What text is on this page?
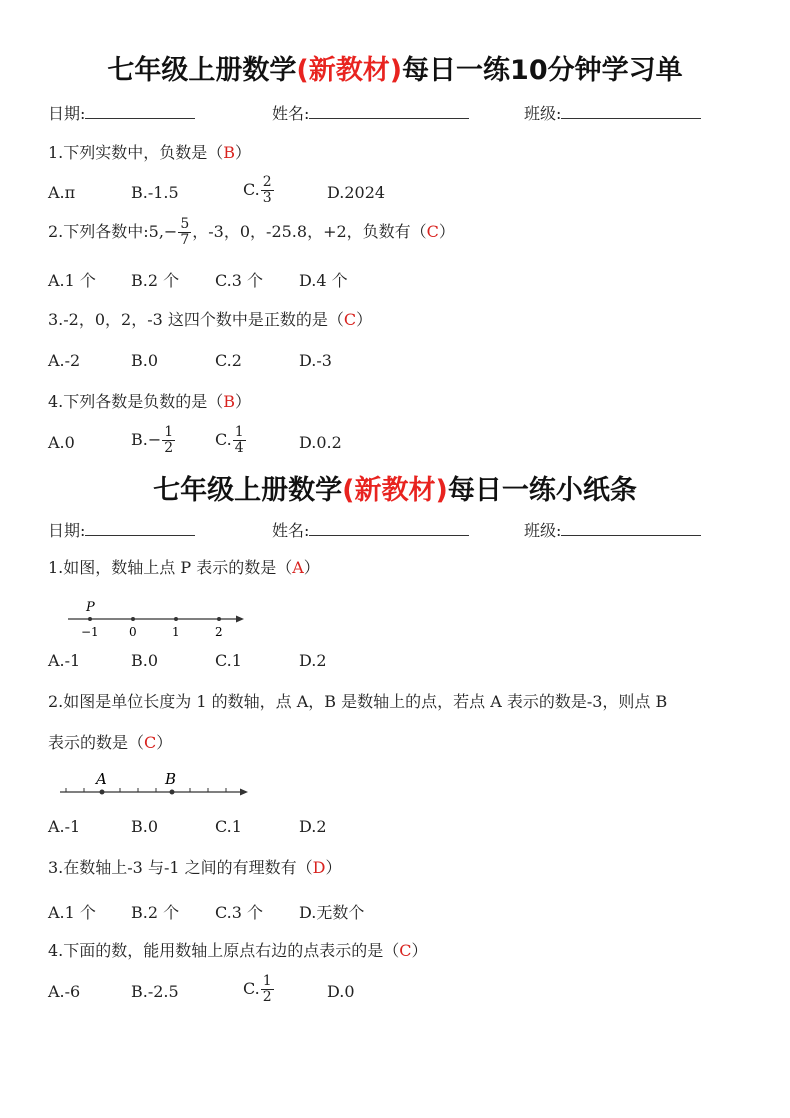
七年级上册数学(新教材)每日一练10分钟学习单
日期:	姓名:	班级:
1.下列实数中，负数是（B）
A.π	B.-1.5	C. $\frac{2}{3}$	D.2024
2.下列各数中:5,− $\frac{5}{7}$ ，-3，0，-25.8，+2，负数有（C）
A.1 个 B.2 个 C.3 个 D.4 个
3.-2，0，2，-3 这四个数中是正数的是（C）
A.-2	B.0	C.2	D.-3
4.下列各数是负数的是（B）
A.0	$B.- \frac{1}{2} C$. $\frac{1}{4}$	D.0.2
七年级上册数学(新教材)每日一练小纸条
日期:	姓名:	班级:
1.如图，数轴上点 P 表示的数是（A）
P
−1	0	1	2
A.-1	B.0	C.1	D.2
2.如图是单位长度为 1 的数轴，点 A，B 是数轴上的点，若点 A 表示的数是-3，则点 B
表示的数是（C）
A	B
A.-1	B.0	C.1	D.2
3.在数轴上-3 与-1 之间的有理数有（D）
A.1 个 B.2 个 C.3 个 D.无数个
4.下面的数，能用数轴上原点右边的点表示的是（C）
A.-6	B.-2.5	C. $\frac{1}{2}$	D.0
